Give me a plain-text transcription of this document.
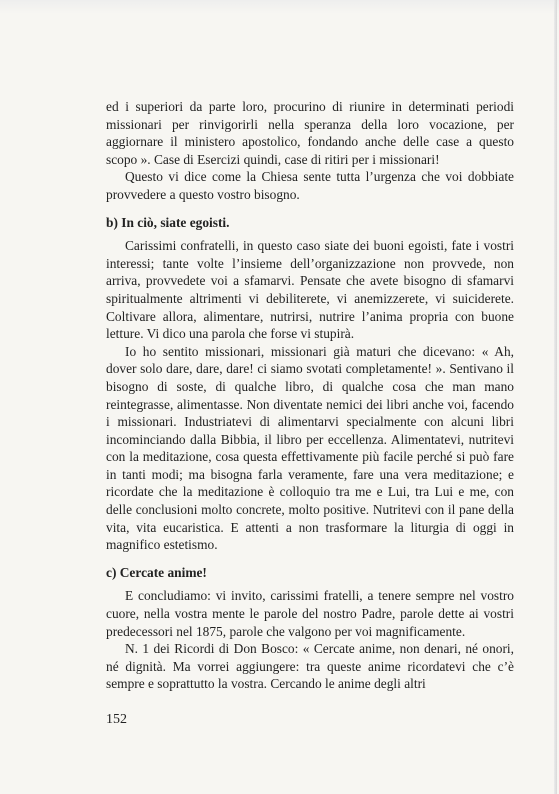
ed i superiori da parte loro, procurino di riunire in determinati periodi missionari per rinvigorirli nella speranza della loro vocazione, per aggiornare il ministero apostolico, fondando anche delle case a questo scopo ». Case di Esercizi quindi, case di ritiri per i missionari!

Questo vi dice come la Chiesa sente tutta l’urgenza che voi dobbiate provvedere a questo vostro bisogno.

b) In ciò, siate egoisti.

Carissimi confratelli, in questo caso siate dei buoni egoisti, fate i vostri interessi; tante volte l’insieme dell’organizzazione non provvede, non arriva, provvedete voi a sfamarvi. Pensate che avete bisogno di sfamarvi spiritualmente altrimenti vi debiliterete, vi anemizzerete, vi suiciderete. Coltivare allora, alimentare, nutrirsi, nutrire l’anima propria con buone letture. Vi dico una parola che forse vi stupirà.

Io ho sentito missionari, missionari già maturi che dicevano: « Ah, dover solo dare, dare, dare! ci siamo svotati completamente! ». Sentivano il bisogno di soste, di qualche libro, di qualche cosa che man mano reintegrasse, alimentasse. Non diventate nemici dei libri anche voi, facendo i missionari. Industriatevi di alimentarvi specialmente con alcuni libri incominciando dalla Bibbia, il libro per eccellenza. Alimentatevi, nutritevi con la meditazione, cosa questa effettivamente più facile perché si può fare in tanti modi; ma bisogna farla veramente, fare una vera meditazione; e ricordate che la meditazione è colloquio tra me e Lui, tra Lui e me, con delle conclusioni molto concrete, molto positive. Nutritevi con il pane della vita, vita eucaristica. E attenti a non trasformare la liturgia di oggi in magnifico estetismo.

c) Cercate anime!

E concludiamo: vi invito, carissimi fratelli, a tenere sempre nel vostro cuore, nella vostra mente le parole del nostro Padre, parole dette ai vostri predecessori nel 1875, parole che valgono per voi magnificamente.

N. 1 dei Ricordi di Don Bosco: « Cercate anime, non denari, né onori, né dignità. Ma vorrei aggiungere: tra queste anime ricordatevi che c’è sempre e soprattutto la vostra. Cercando le anime degli altri

152
